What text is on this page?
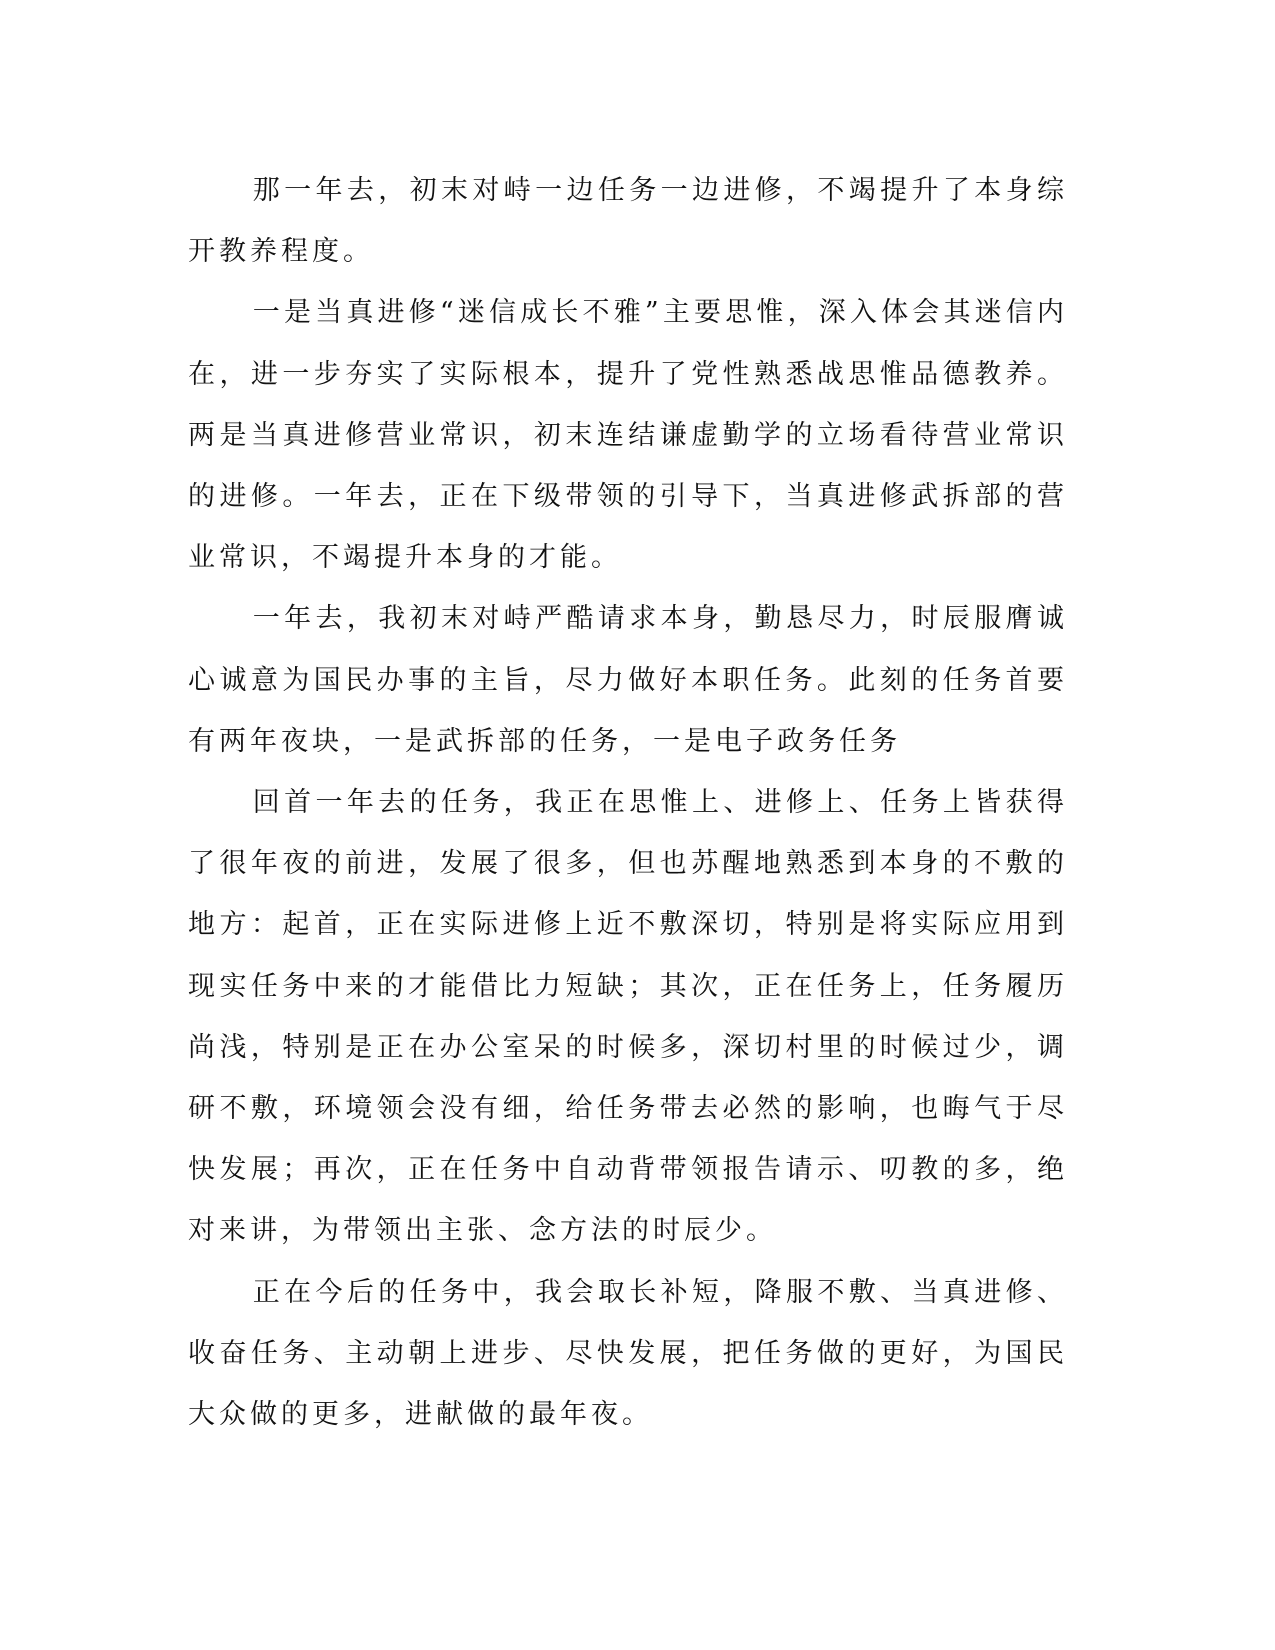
那一年去，初末对峙一边任务一边进修，不竭提升了本身综开教养程度。

一是当真进修“迷信成长不雅”主要思惟，深入体会其迷信内在，进一步夯实了实际根本，提升了党性熟悉战思惟品德教养。两是当真进修营业常识，初末连结谦虚勤学的立场看待营业常识的进修。一年去，正在下级带领的引导下，当真进修武拆部的营业常识，不竭提升本身的才能。

一年去，我初末对峙严酷请求本身，勤恳尽力，时辰服膺诚心诚意为国民办事的主旨，尽力做好本职任务。此刻的任务首要有两年夜块，一是武拆部的任务，一是电子政务任务

回首一年去的任务，我正在思惟上、进修上、任务上皆获得了很年夜的前进，发展了很多，但也苏醒地熟悉到本身的不敷的地方：起首，正在实际进修上近不敷深切，特别是将实际应用到现实任务中来的才能借比力短缺；其次，正在任务上，任务履历尚浅，特别是正在办公室呆的时候多，深切村里的时候过少，调研不敷，环境领会没有细，给任务带去必然的影响，也晦气于尽快发展；再次，正在任务中自动背带领报告请示、叨教的多，绝对来讲，为带领出主张、念方法的时辰少。

正在今后的任务中，我会取长补短，降服不敷、当真进修、收奋任务、主动朝上进步、尽快发展，把任务做的更好，为国民大众做的更多，进献做的最年夜。
